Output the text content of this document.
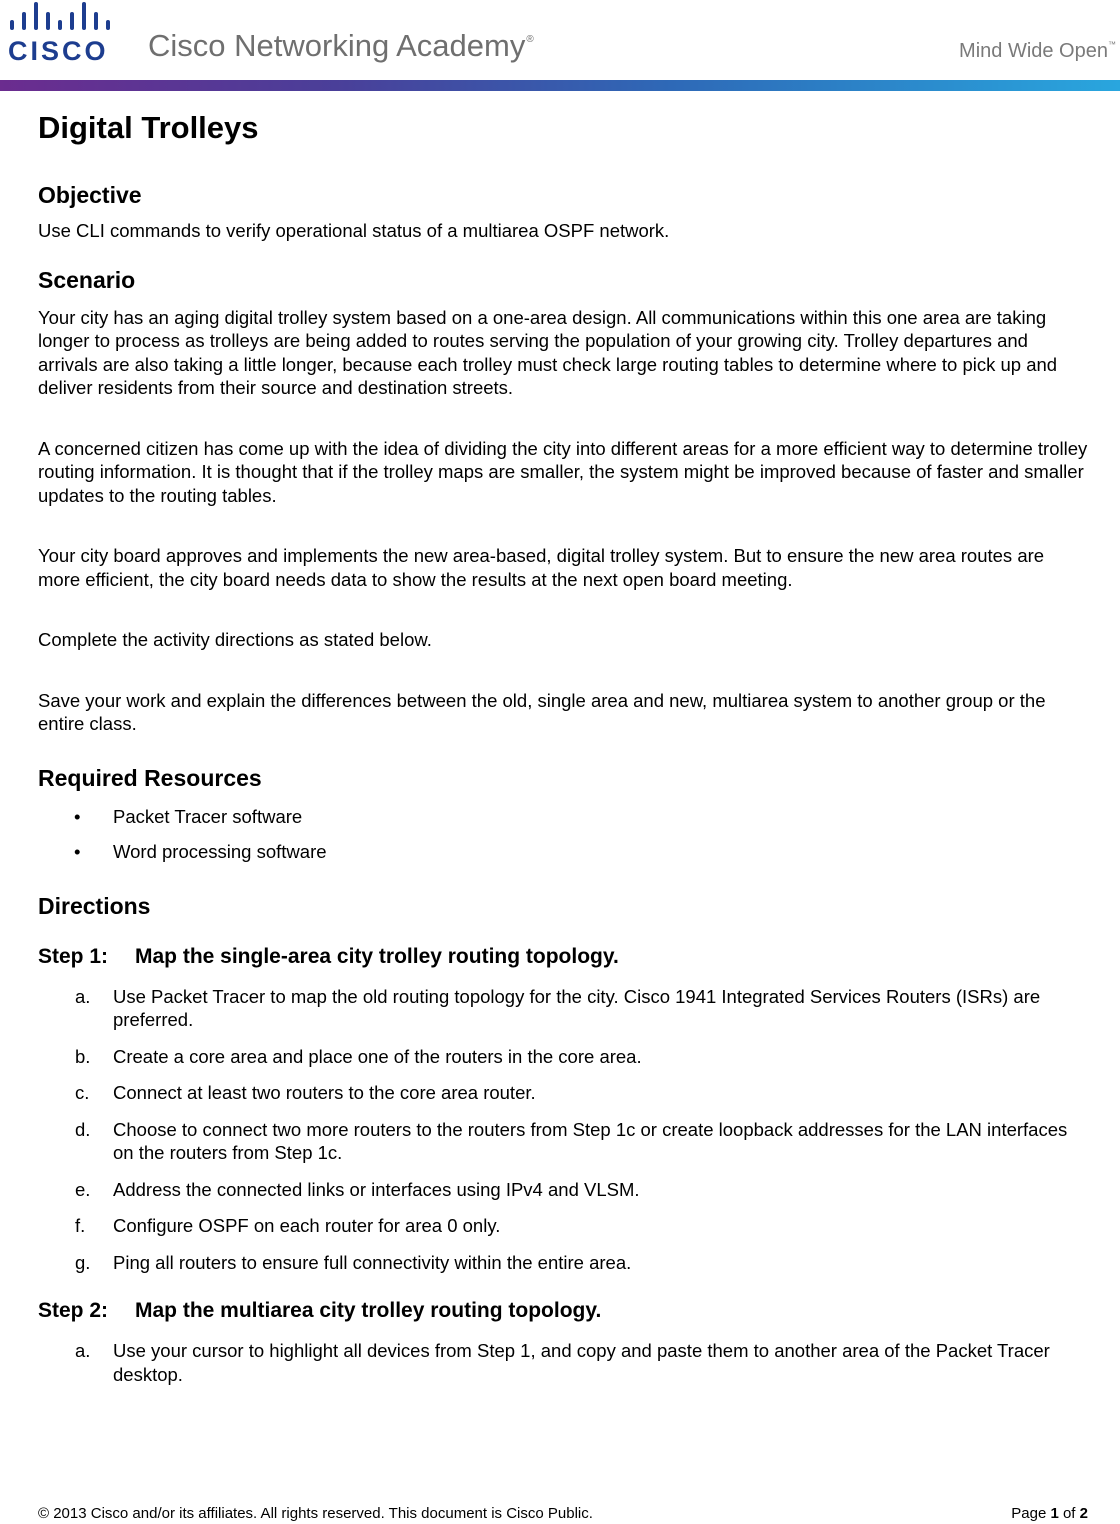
CISCO Cisco Networking Academy®
Mind Wide Open™
Digital Trolleys
Objective

Use CLI commands to verify operational status of a multiarea OSPF network.

Scenario

Your city has an aging digital trolley system based on a one-area design. All communications within this one area are taking longer to process as trolleys are being added to routes serving the population of your growing city. Trolley departures and arrivals are also taking a little longer, because each trolley must check large routing tables to determine where to pick up and deliver residents from their source and destination streets.

A concerned citizen has come up with the idea of dividing the city into different areas for a more efficient way to determine trolley routing information. It is thought that if the trolley maps are smaller, the system might be improved because of faster and smaller updates to the routing tables.

Your city board approves and implements the new area-based, digital trolley system. But to ensure the new area routes are more efficient, the city board needs data to show the results at the next open board meeting.

Complete the activity directions as stated below.

Save your work and explain the differences between the old, single area and new, multiarea system to another group or the entire class.

Required Resources
• Packet Tracer software
• Word processing software
Directions
Step 1: Map the single-area city trolley routing topology.
a. Use Packet Tracer to map the old routing topology for the city. Cisco 1941 Integrated Services Routers (ISRs) are preferred.
b. Create a core area and place one of the routers in the core area.
c. Connect at least two routers to the core area router.
d. Choose to connect two more routers to the routers from Step 1c or create loopback addresses for the LAN interfaces on the routers from Step 1c.
e. Address the connected links or interfaces using IPv4 and VLSM.
f. Configure OSPF on each router for area 0 only.
g. Ping all routers to ensure full connectivity within the entire area.
Step 2: Map the multiarea city trolley routing topology.
a. Use your cursor to highlight all devices from Step 1, and copy and paste them to another area of the Packet Tracer desktop.
© 2013 Cisco and/or its affiliates. All rights reserved. This document is Cisco Public.	Page 1 of 2
